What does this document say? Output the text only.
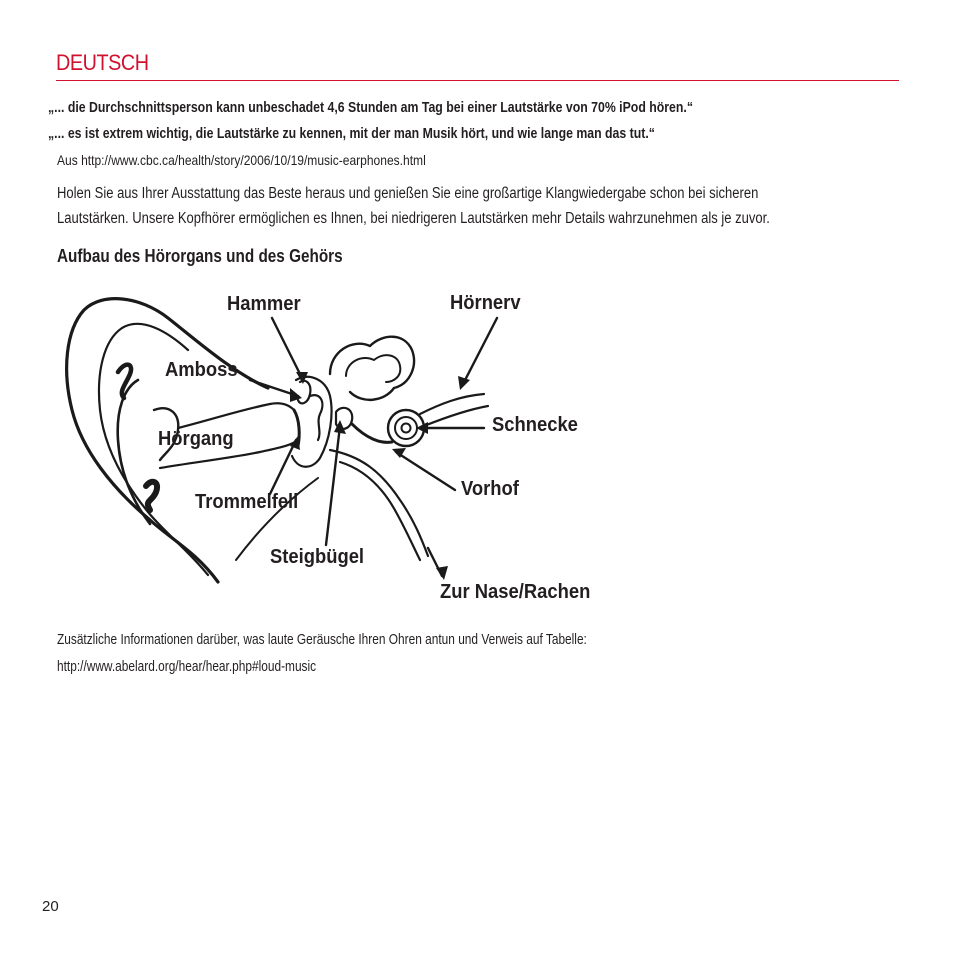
DEUTSCH
„... die Durchschnittsperson kann unbeschadet 4,6 Stunden am Tag bei einer Lautstärke von 70% iPod hören.“
„... es ist extrem wichtig, die Lautstärke zu kennen, mit der man Musik hört, und wie lange man das tut.“
Aus http://www.cbc.ca/health/story/2006/10/19/music-earphones.html
Holen Sie aus Ihrer Ausstattung das Beste heraus und genießen Sie eine großartige Klangwiedergabe schon bei sicheren
Lautstärken. Unsere Kopfhörer ermöglichen es Ihnen, bei niedrigeren Lautstärken mehr Details wahrzunehmen als je zuvor.
Aufbau des Hörorgans und des Gehörs
Hammer	Hörnerv
Amboss
Schnecke
Hörgang
Vorhof
Trommelfell
Steigbügel
Zur Nase/Rachen
Zusätzliche Informationen darüber, was laute Geräusche Ihren Ohren antun und Verweis auf Tabelle:
http://www.abelard.org/hear/hear.php#loud-music
20
